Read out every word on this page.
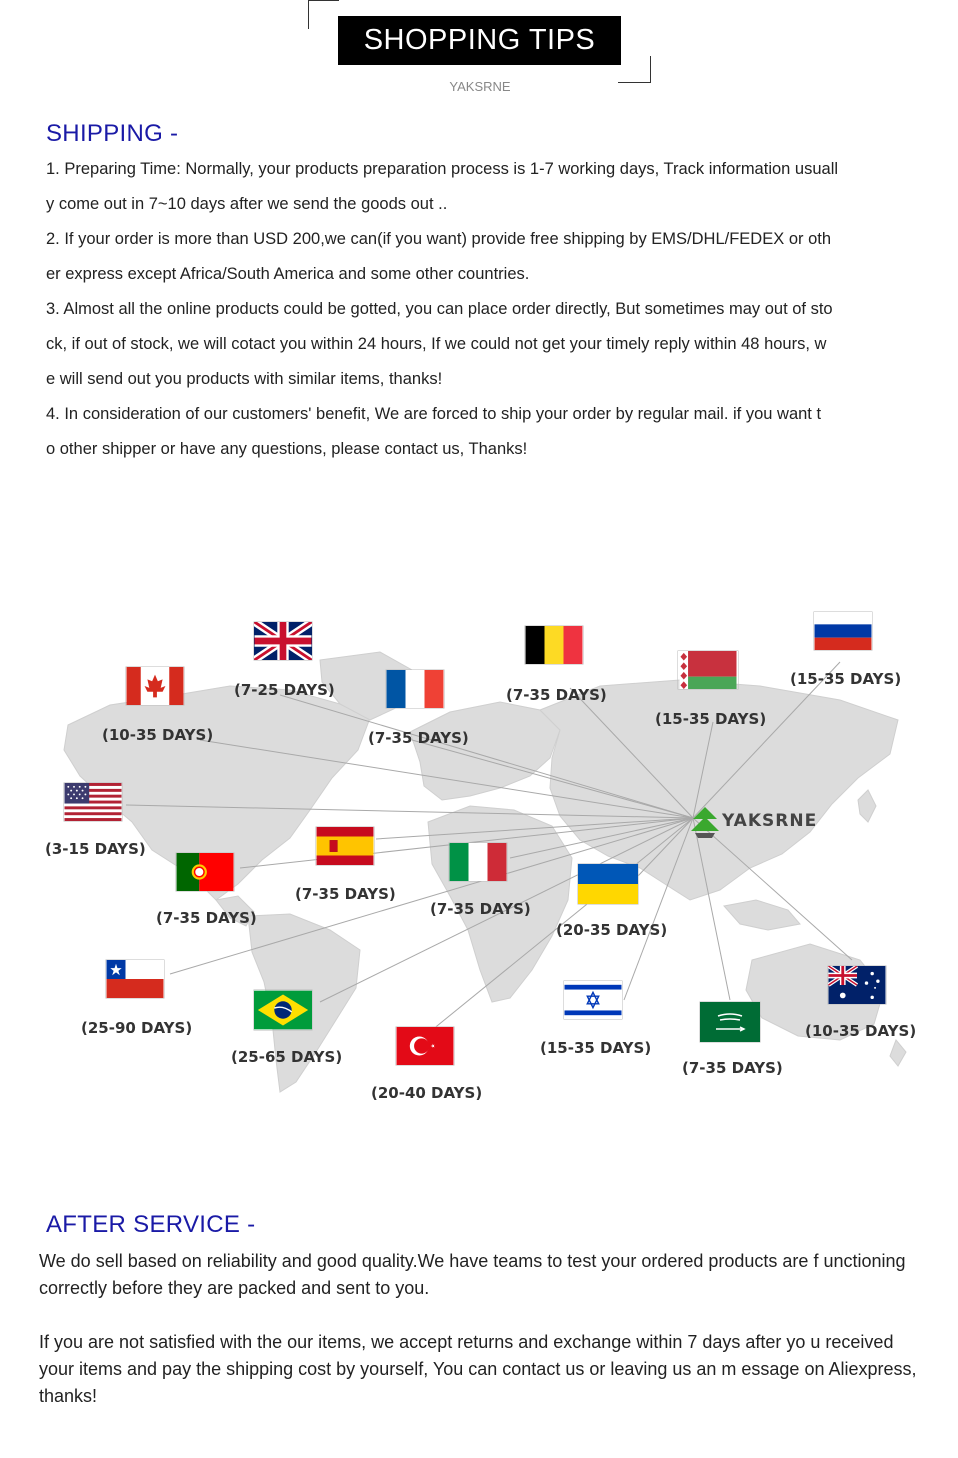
SHOPPING TIPS
YAKSRNE
SHIPPING -

1. Preparing Time: Normally, your products preparation process is 1-7 working days, Track information usuall

y come out in 7~10 days after we send the goods out ..

2. If your order is more than USD 200,we can(if you want) provide free shipping by EMS/DHL/FEDEX or oth

er express except Africa/South America and some other countries.

3. Almost all the online products could be gotted, you can place order directly, But sometimes may out of sto

ck, if out of stock, we will cotact you within 24 hours, If we could not get your timely reply within 48 hours, w

e will send out you products with similar items, thanks!

4. In consideration of our customers' benefit, We are forced to ship your order by regular mail. if you want t

o other shipper or have any questions, please contact us, Thanks!

YAKSRNE
(7-25 DAYS)
(10-35 DAYS)	(7-35 DAYS)
(7-35 DAYS)
(15-35 DAYS)
(15-35 DAYS)
(3-15 DAYS)
(7-35 DAYS)
(7-35 DAYS)	(7-35 DAYS)
(20-35 DAYS)
(25-90 DAYS)
(25-65 DAYS)
(20-40 DAYS)
(15-35 DAYS)
(7-35 DAYS)
(10-35 DAYS)
AFTER SERVICE -

We do sell based on reliability and good quality.We have teams to test your ordered products are f unctioning correctly before they are packed and sent to you.

If you are not satisfied with the our items, we accept returns and exchange within 7 days after yo u received your items and pay the shipping cost by yourself, You can contact us or leaving us an m essage on Aliexpress, thanks!
